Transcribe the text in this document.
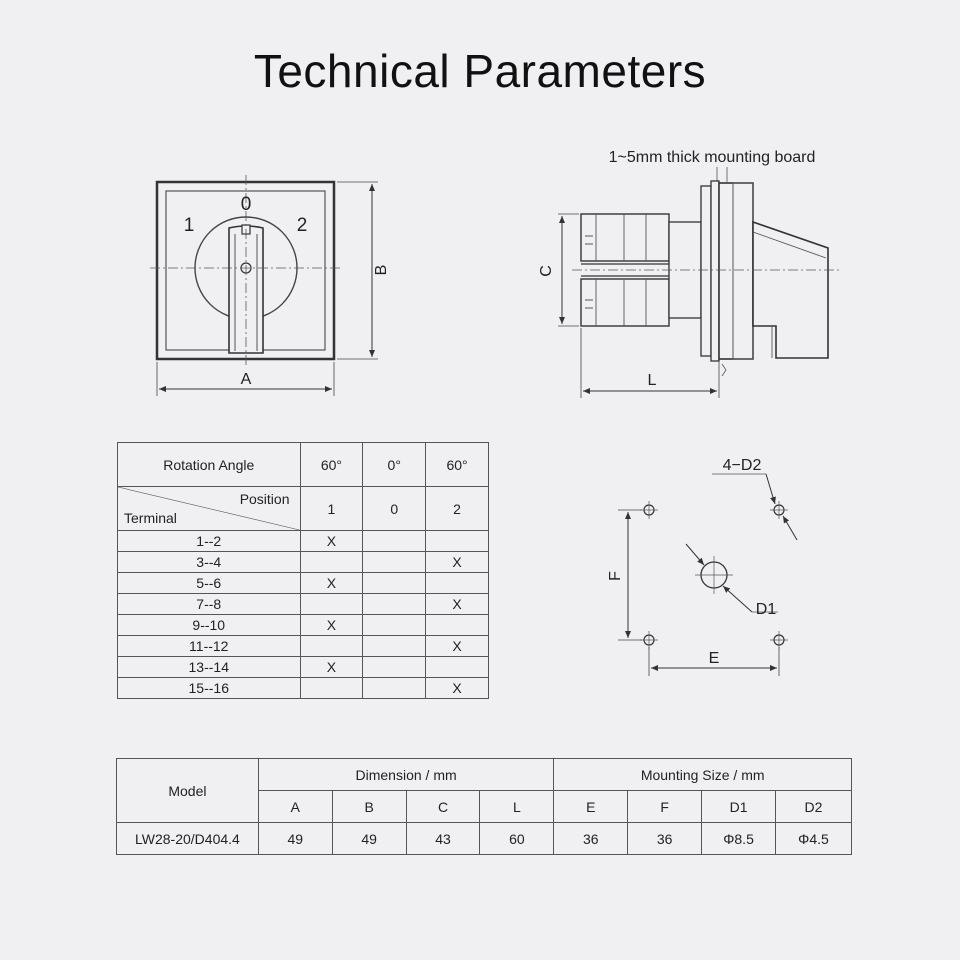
Technical Parameters
0
1	2
A
B
1~5mm thick mounting board
C
L
4−D2
D1
F
E
Rotation Angle	60°	0°	60°

Position
Terminal	1	0	2
1--2	X		
3--4			X
5--6	X		
7--8			X
9--10	X		
11--12			X
13--14	X		
15--16			X
Model	Dimension / mm				Mounting Size / mm			
	A	B	C	L	E	F	D1	D2
LW28-20/D404.4	49	49	43	60	36	36	Φ8.5	Φ4.5
